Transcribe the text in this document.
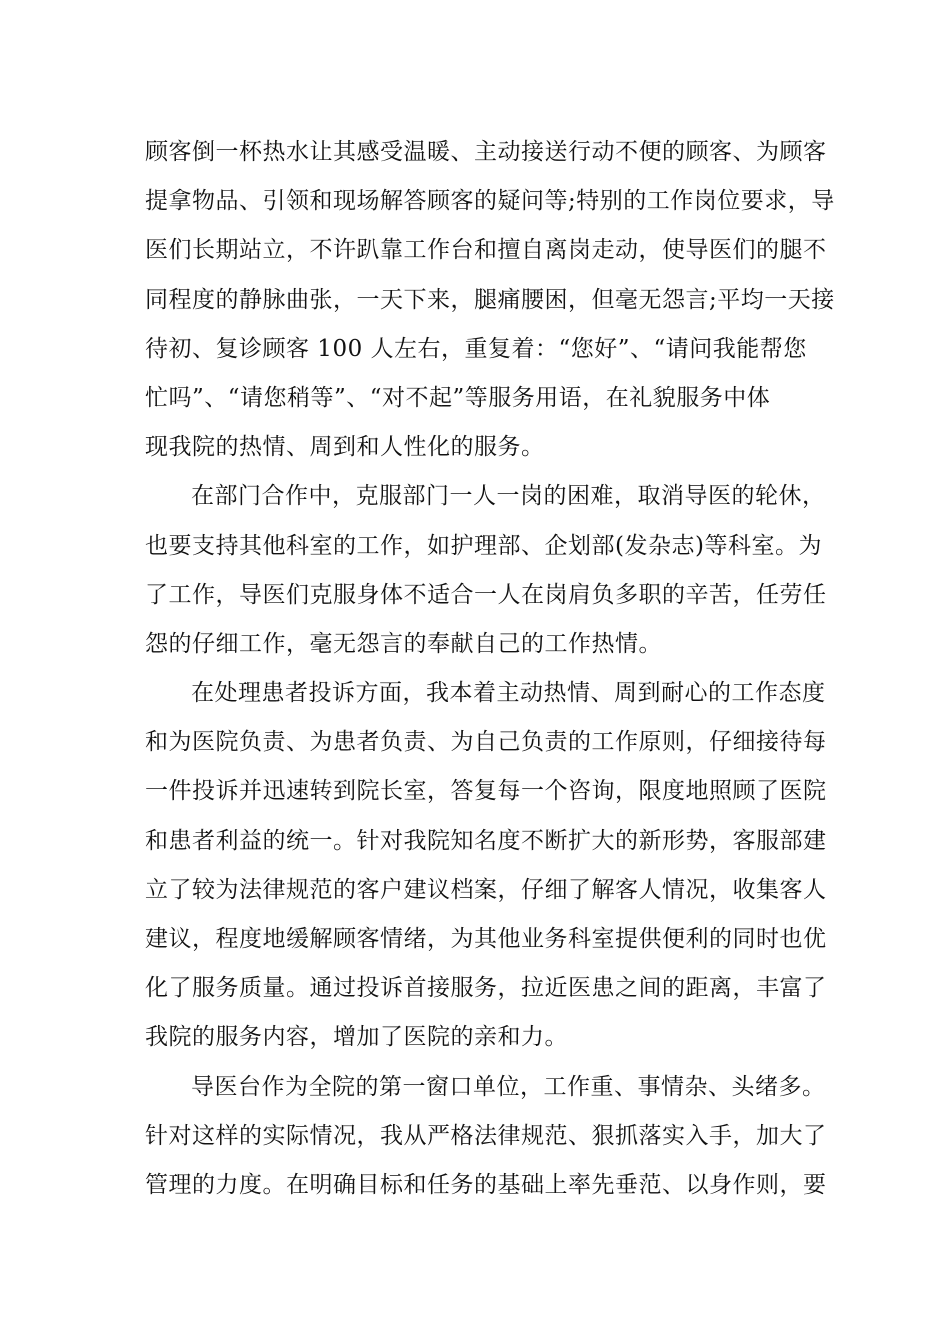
顾客倒一杯热水让其感受温暖、主动接送行动不便的顾客、为顾客
提拿物品、引领和现场解答顾客的疑问等;特别的工作岗位要求，导
医们长期站立，不许趴靠工作台和擅自离岗走动，使导医们的腿不
同程度的静脉曲张，一天下来，腿痛腰困，但毫无怨言;平均一天接
待初、复诊顾客 100 人左右，重复着：“您好”、“请问我能帮您
忙吗”、“请您稍等”、“对不起”等服务用语，在礼貌服务中体
现我院的热情、周到和人性化的服务。
在部门合作中，克服部门一人一岗的困难，取消导医的轮休，
也要支持其他科室的工作，如护理部、企划部(发杂志)等科室。为
了工作，导医们克服身体不适合一人在岗肩负多职的辛苦，任劳任
怨的仔细工作，毫无怨言的奉献自己的工作热情。
在处理患者投诉方面，我本着主动热情、周到耐心的工作态度
和为医院负责、为患者负责、为自己负责的工作原则，仔细接待每
一件投诉并迅速转到院长室，答复每一个咨询，限度地照顾了医院
和患者利益的统一。针对我院知名度不断扩大的新形势，客服部建
立了较为法律规范的客户建议档案，仔细了解客人情况，收集客人
建议，程度地缓解顾客情绪，为其他业务科室提供便利的同时也优
化了服务质量。通过投诉首接服务，拉近医患之间的距离，丰富了
我院的服务内容，增加了医院的亲和力。
导医台作为全院的第一窗口单位，工作重、事情杂、头绪多。
针对这样的实际情况，我从严格法律规范、狠抓落实入手，加大了
管理的力度。在明确目标和任务的基础上率先垂范、以身作则，要
